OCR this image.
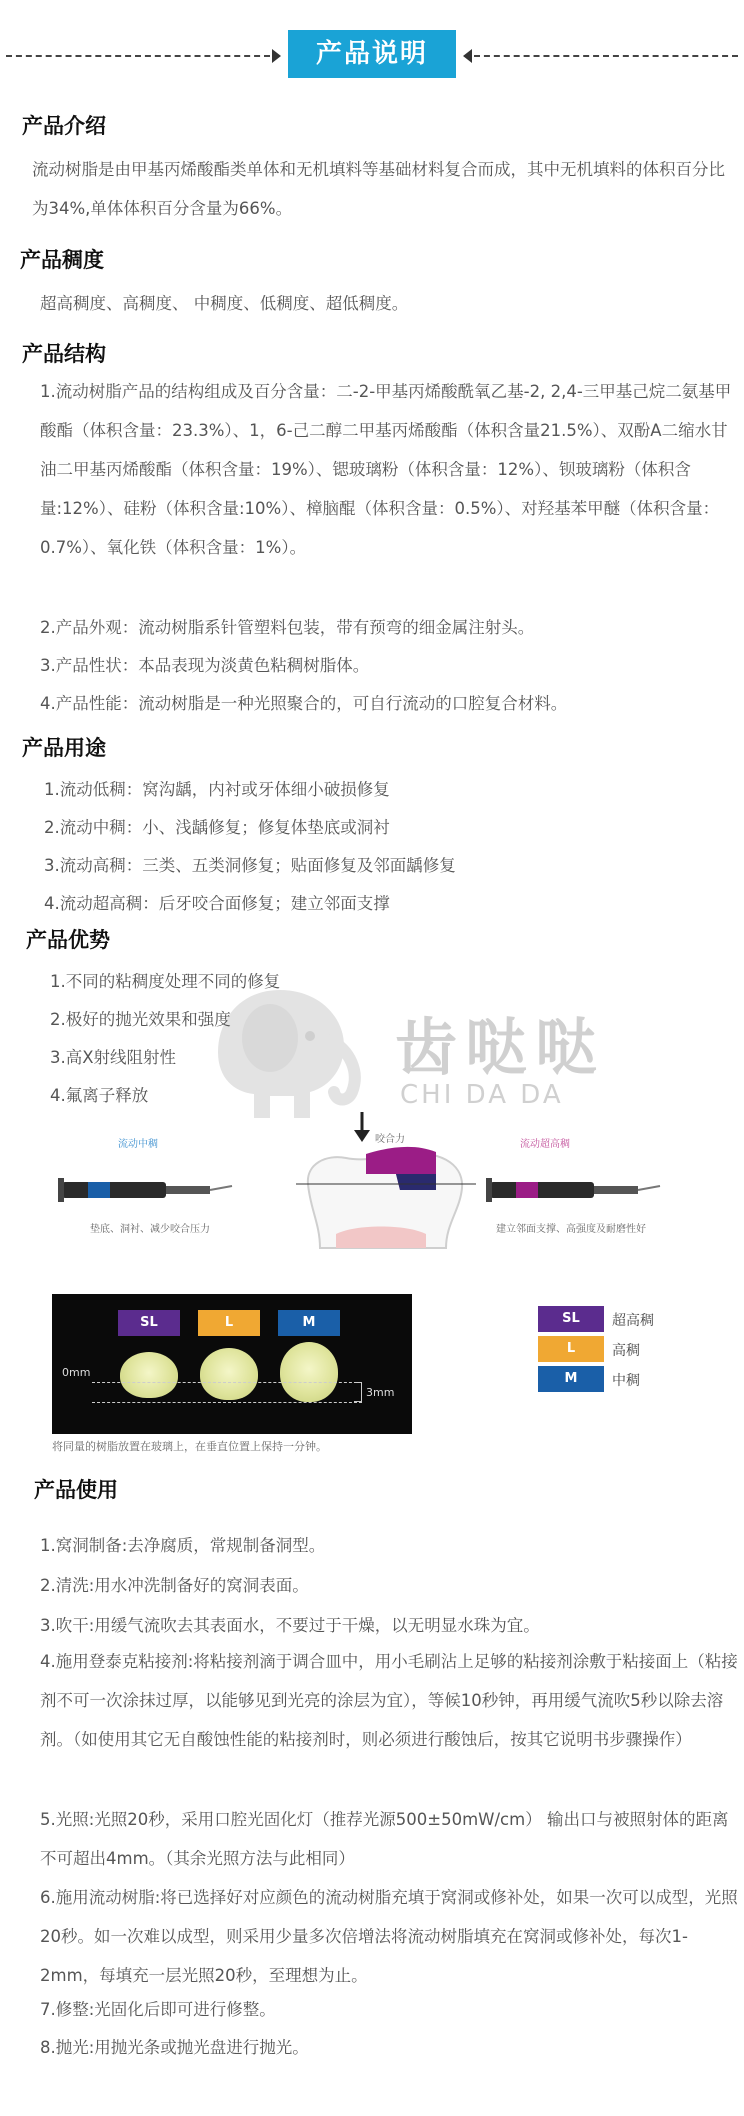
产品说明
产品介绍
流动树脂是由甲基丙烯酸酯类单体和无机填料等基础材料复合而成，其中无机填料的体积百分比为34%,单体体积百分含量为66%。
产品稠度
超高稠度、高稠度、 中稠度、低稠度、超低稠度。
产品结构
1.流动树脂产品的结构组成及百分含量：二-2-甲基丙烯酸酰氧乙基-2, 2,4-三甲基己烷二氨基甲酸酯（体积含量：23.3%）、1，6-己二醇二甲基丙烯酸酯（体积含量21.5%）、双酚A二缩水甘油二甲基丙烯酸酯（体积含量：19%）、锶玻璃粉（体积含量：12%）、钡玻璃粉（体积含量:12%）、硅粉（体积含量:10%）、樟脑醌（体积含量：0.5%）、对羟基苯甲醚（体积含量：0.7%）、氧化铁（体积含量：1%）。
2.产品外观：流动树脂系针管塑料包装，带有预弯的细金属注射头。
3.产品性状：本品表现为淡黄色粘稠树脂体。
4.产品性能：流动树脂是一种光照聚合的，可自行流动的口腔复合材料。
产品用途
1.流动低稠：窝沟龋，内衬或牙体细小破损修复
2.流动中稠：小、浅龋修复；修复体垫底或洞衬
3.流动高稠：三类、五类洞修复；贴面修复及邻面龋修复
4.流动超高稠：后牙咬合面修复；建立邻面支撑
齿哒哒
CHI DA DA
产品优势
1.不同的粘稠度处理不同的修复
2.极好的抛光效果和强度
3.高X射线阻射性
4.氟离子释放
流动中稠
垫底、洞衬、减少咬合压力
咬合力	流动超高稠
建立邻面支撑、高强度及耐磨性好
SL	L	M
0mm
3mm
将同量的树脂放置在玻璃上，在垂直位置上保持一分钟。
SL	超高稠
L	高稠
M	中稠
产品使用
1.窝洞制备:去净腐质，常规制备洞型。
2.清洗:用水冲洗制备好的窝洞表面。
3.吹干:用缓气流吹去其表面水，不要过于干燥，以无明显水珠为宜。
4.施用登泰克粘接剂:将粘接剂滴于调合皿中，用小毛刷沾上足够的粘接剂涂敷于粘接面上（粘接剂不可一次涂抹过厚，以能够见到光亮的涂层为宜），等候10秒钟，再用缓气流吹5秒以除去溶剂。（如使用其它无自酸蚀性能的粘接剂时，则必须进行酸蚀后，按其它说明书步骤操作）
5.光照:光照20秒，采用口腔光固化灯（推荐光源500±50mW/cm） 输出口与被照射体的距离不可超出4mm。（其余光照方法与此相同）
6.施用流动树脂:将已选择好对应颜色的流动树脂充填于窝洞或修补处，如果一次可以成型，光照20秒。如一次难以成型，则采用少量多次倍增法将流动树脂填充在窝洞或修补处，每次1-2mm，每填充一层光照20秒，至理想为止。
7.修整:光固化后即可进行修整。
8.抛光:用抛光条或抛光盘进行抛光。
